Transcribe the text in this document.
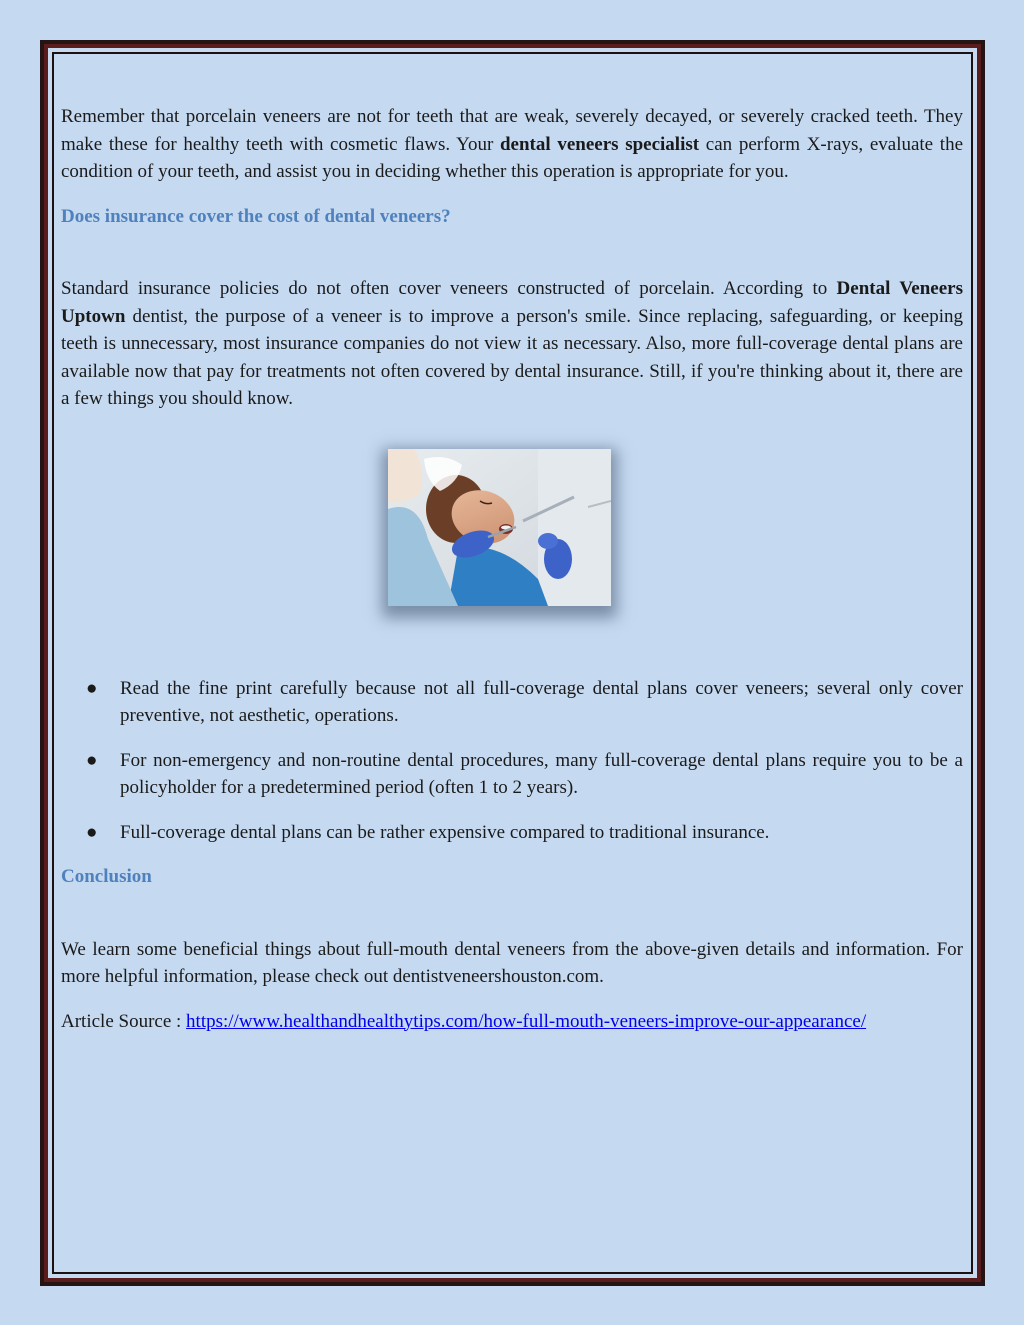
Remember that porcelain veneers are not for teeth that are weak, severely decayed, or severely cracked teeth. They make these for healthy teeth with cosmetic flaws. Your dental veneers specialist can perform X-rays, evaluate the condition of your teeth, and assist you in deciding whether this operation is appropriate for you.

Does insurance cover the cost of dental veneers?

Standard insurance policies do not often cover veneers constructed of porcelain. According to Dental Veneers Uptown dentist, the purpose of a veneer is to improve a person's smile. Since replacing, safeguarding, or keeping teeth is unnecessary, most insurance companies do not view it as necessary. Also, more full-coverage dental plans are available now that pay for treatments not often covered by dental insurance. Still, if you're thinking about it, there are a few things you should know.

● Read the fine print carefully because not all full-coverage dental plans cover veneers; several only cover preventive, not aesthetic, operations.
● For non-emergency and non-routine dental procedures, many full-coverage dental plans require you to be a policyholder for a predetermined period (often 1 to 2 years).
● Full-coverage dental plans can be rather expensive compared to traditional insurance.
Conclusion

We learn some beneficial things about full-mouth dental veneers from the above-given details and information. For more helpful information, please check out dentistveneershouston.com.

Article Source : https://www.healthandhealthytips.com/how-full-mouth-veneers-improve-our-appearance/
